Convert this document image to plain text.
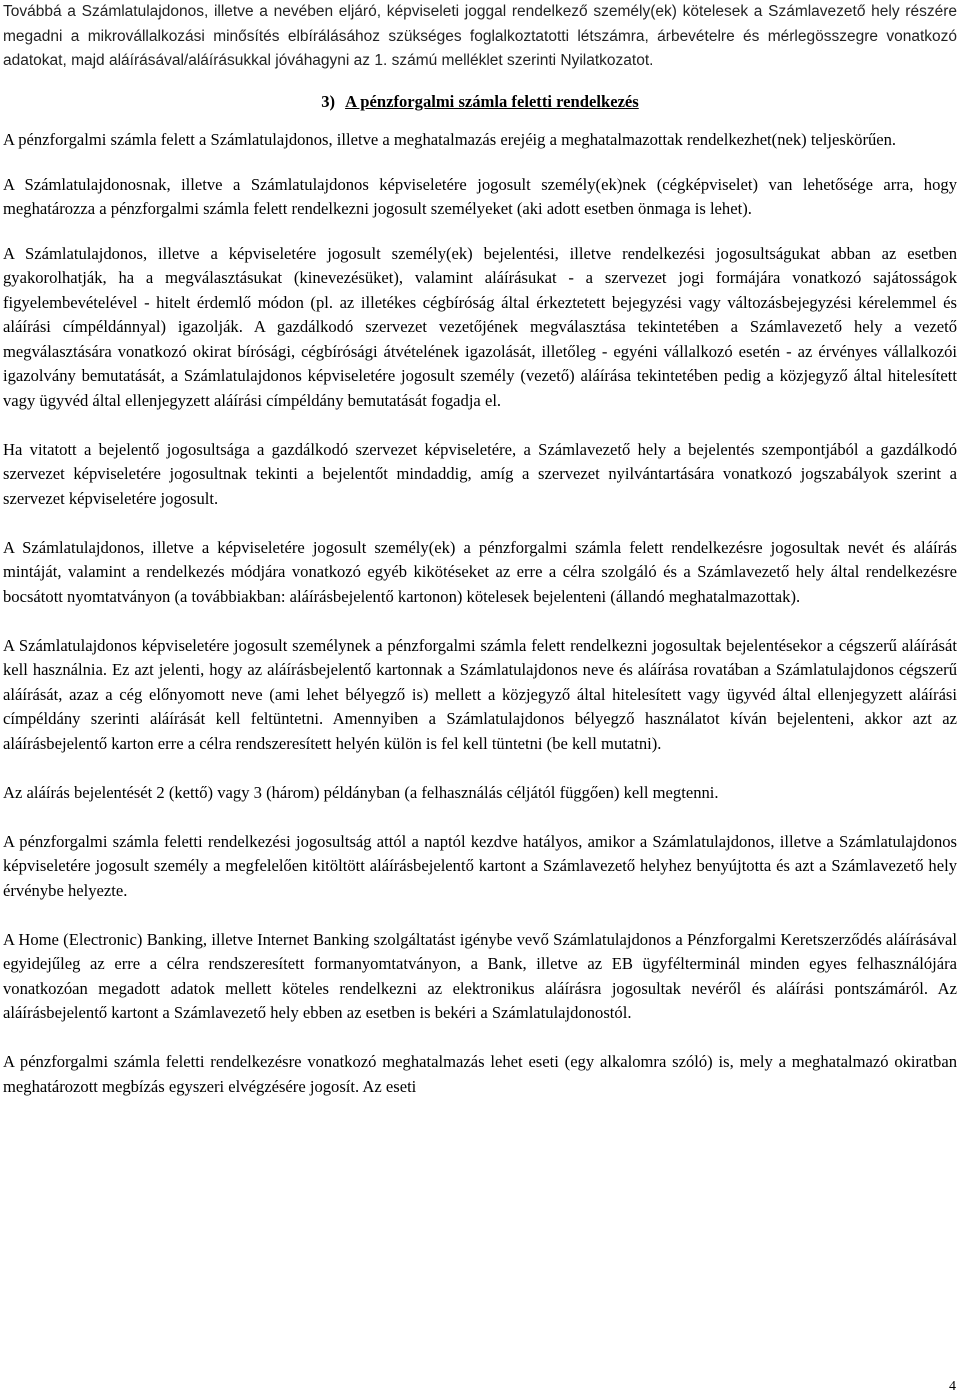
Továbbá a Számlatulajdonos, illetve a nevében eljáró, képviseleti joggal rendelkező személy(ek) kötelesek a Számlavezető hely részére megadni a mikrovállalkozási minősítés elbírálásához szükséges foglalkoztatotti létszámra, árbevételre és mérlegösszegre vonatkozó adatokat, majd aláírásával/aláírásukkal jóváhagyni az 1. számú melléklet szerinti Nyilatkozatot.

3) A pénzforgalmi számla feletti rendelkezés

A pénzforgalmi számla felett a Számlatulajdonos, illetve a meghatalmazás erejéig a meghatalmazottak rendelkezhet(nek) teljeskörűen.

A Számlatulajdonosnak, illetve a Számlatulajdonos képviseletére jogosult személy(ek)nek (cégképviselet) van lehetősége arra, hogy meghatározza a pénzforgalmi számla felett rendelkezni jogosult személyeket (aki adott esetben önmaga is lehet).

A Számlatulajdonos, illetve a képviseletére jogosult személy(ek) bejelentési, illetve rendelkezési jogosultságukat abban az esetben gyakorolhatják, ha a megválasztásukat (kinevezésüket), valamint aláírásukat - a szervezet jogi formájára vonatkozó sajátosságok figyelembevételével - hitelt érdemlő módon (pl. az illetékes cégbíróság által érkeztetett bejegyzési vagy változásbejegyzési kérelemmel és aláírási címpéldánnyal) igazolják. A gazdálkodó szervezet vezetőjének megválasztása tekintetében a Számlavezető hely a vezető megválasztására vonatkozó okirat bírósági, cégbírósági átvételének igazolását, illetőleg - egyéni vállalkozó esetén - az érvényes vállalkozói igazolvány bemutatását, a Számlatulajdonos képviseletére jogosult személy (vezető) aláírása tekintetében pedig a közjegyző által hitelesített vagy ügyvéd által ellenjegyzett aláírási címpéldány bemutatását fogadja el.

Ha vitatott a bejelentő jogosultsága a gazdálkodó szervezet képviseletére, a Számlavezető hely a bejelentés szempontjából a gazdálkodó szervezet képviseletére jogosultnak tekinti a bejelentőt mindaddig, amíg a szervezet nyilvántartására vonatkozó jogszabályok szerint a szervezet képviseletére jogosult.

A Számlatulajdonos, illetve a képviseletére jogosult személy(ek) a pénzforgalmi számla felett rendelkezésre jogosultak nevét és aláírás mintáját, valamint a rendelkezés módjára vonatkozó egyéb kikötéseket az erre a célra szolgáló és a Számlavezető hely által rendelkezésre bocsátott nyomtatványon (a továbbiakban: aláírásbejelentő kartonon) kötelesek bejelenteni (állandó meghatalmazottak).

A Számlatulajdonos képviseletére jogosult személynek a pénzforgalmi számla felett rendelkezni jogosultak bejelentésekor a cégszerű aláírását kell használnia. Ez azt jelenti, hogy az aláírásbejelentő kartonnak a Számlatulajdonos neve és aláírása rovatában a Számlatulajdonos cégszerű aláírását, azaz a cég előnyomott neve (ami lehet bélyegző is) mellett a közjegyző által hitelesített vagy ügyvéd által ellenjegyzett aláírási címpéldány szerinti aláírását kell feltüntetni. Amennyiben a Számlatulajdonos bélyegző használatot kíván bejelenteni, akkor azt az aláírásbejelentő karton erre a célra rendszeresített helyén külön is fel kell tüntetni (be kell mutatni).

Az aláírás bejelentését 2 (kettő) vagy 3 (három) példányban (a felhasználás céljától függően) kell megtenni.

A pénzforgalmi számla feletti rendelkezési jogosultság attól a naptól kezdve hatályos, amikor a Számlatulajdonos, illetve a Számlatulajdonos képviseletére jogosult személy a megfelelően kitöltött aláírásbejelentő kartont a Számlavezető helyhez benyújtotta és azt a Számlavezető hely érvénybe helyezte.

A Home (Electronic) Banking, illetve Internet Banking szolgáltatást igénybe vevő Számlatulajdonos a Pénzforgalmi Keretszerződés aláírásával egyidejűleg az erre a célra rendszeresített formanyomtatványon, a Bank, illetve az EB ügyfélterminál minden egyes felhasználójára vonatkozóan megadott adatok mellett köteles rendelkezni az elektronikus aláírásra jogosultak nevéről és aláírási pontszámáról. Az aláírásbejelentő kartont a Számlavezető hely ebben az esetben is bekéri a Számlatulajdonostól.

A pénzforgalmi számla feletti rendelkezésre vonatkozó meghatalmazás lehet eseti (egy alkalomra szóló) is, mely a meghatalmazó okiratban meghatározott megbízás egyszeri elvégzésére jogosít. Az eseti

4
